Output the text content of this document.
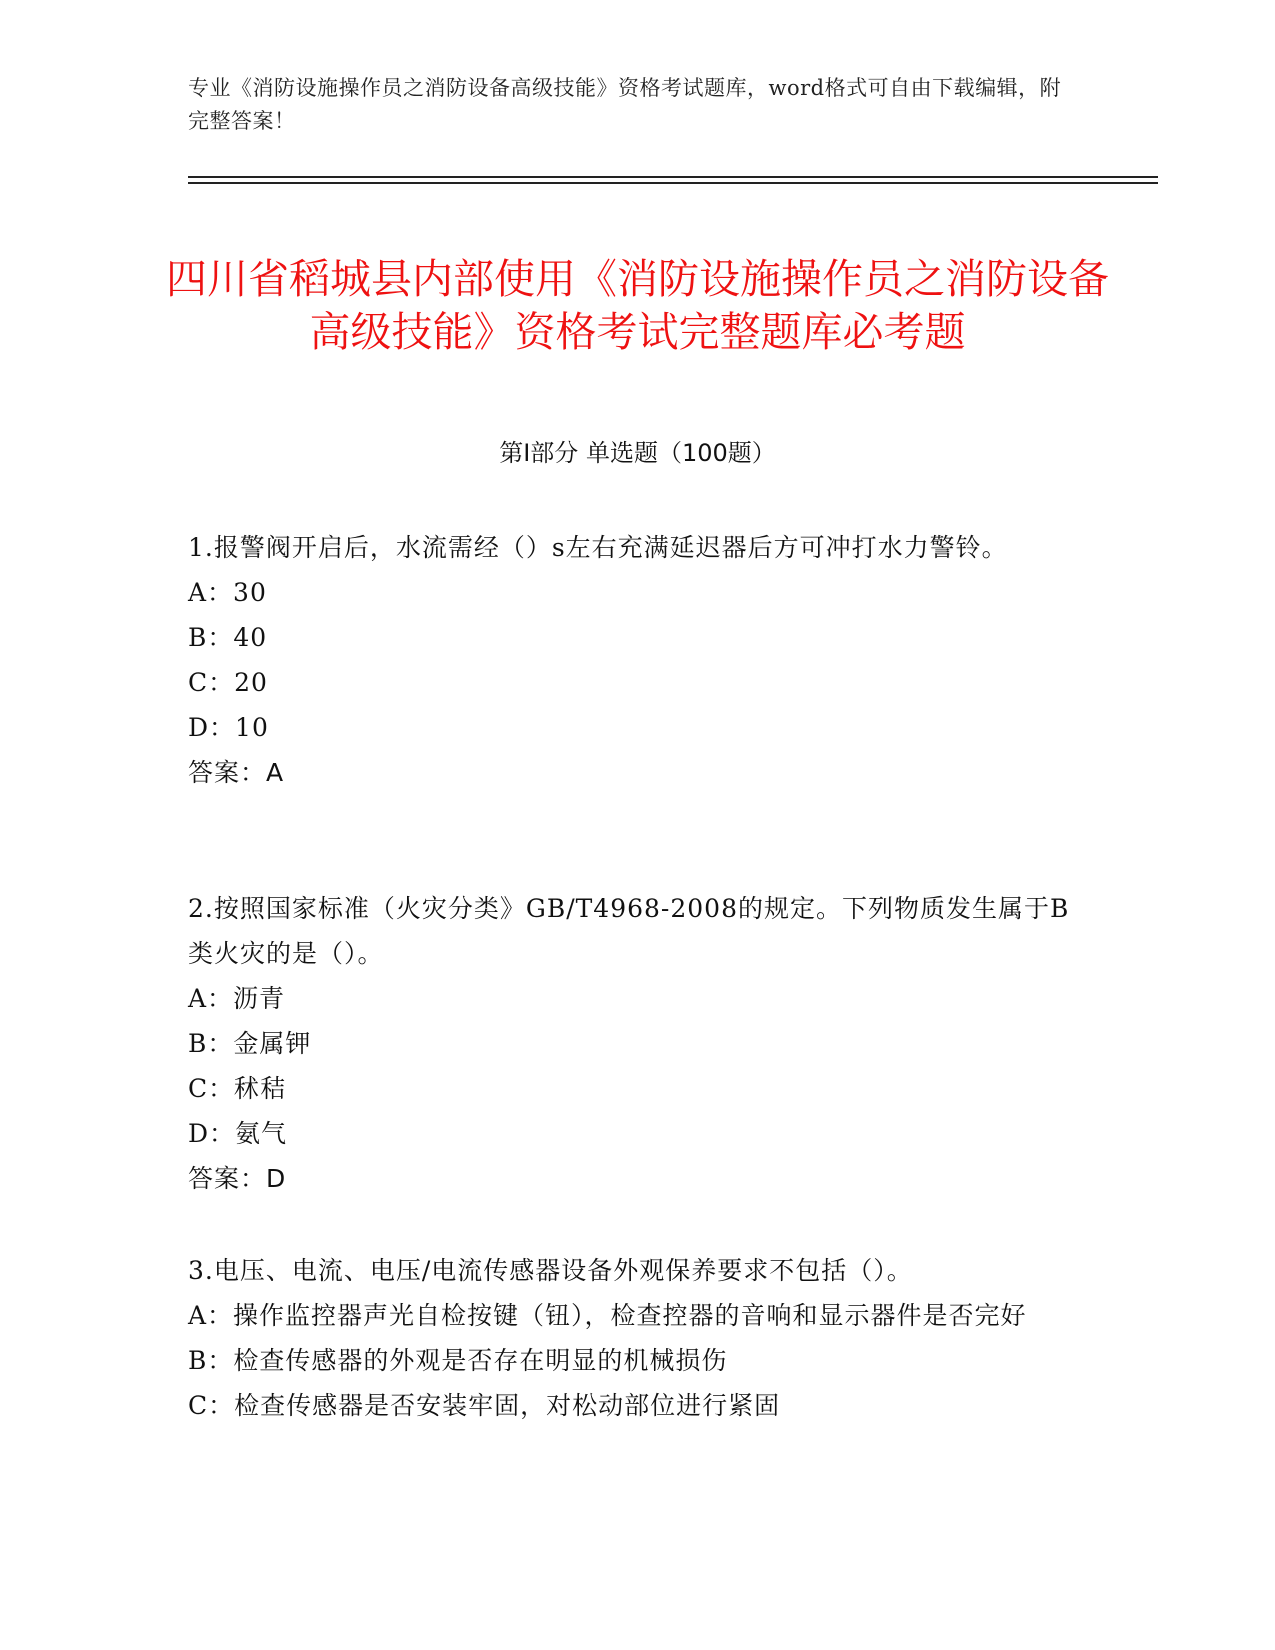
专业《消防设施操作员之消防设备高级技能》资格考试题库，word格式可自由下载编辑，附完整答案！
四川省稻城县内部使用《消防设施操作员之消防设备高级技能》资格考试完整题库必考题
第Ⅰ部分 单选题（100题）
1.报警阀开启后，水流需经（）s左右充满延迟器后方可冲打水力警铃。
A：30
B：40
C：20
D：10
答案：A
2.按照国家标准（火灾分类》GB/T4968-2008的规定。下列物质发生属于B类火灾的是（）。
A：沥青
B：金属钾
C：秫秸
D：氨气
答案：D
3.电压、电流、电压/电流传感器设备外观保养要求不包括（）。
A：操作监控器声光自检按键（钮），检查控器的音响和显示器件是否完好
B：检查传感器的外观是否存在明显的机械损伤
C：检查传感器是否安装牢固，对松动部位进行紧固
